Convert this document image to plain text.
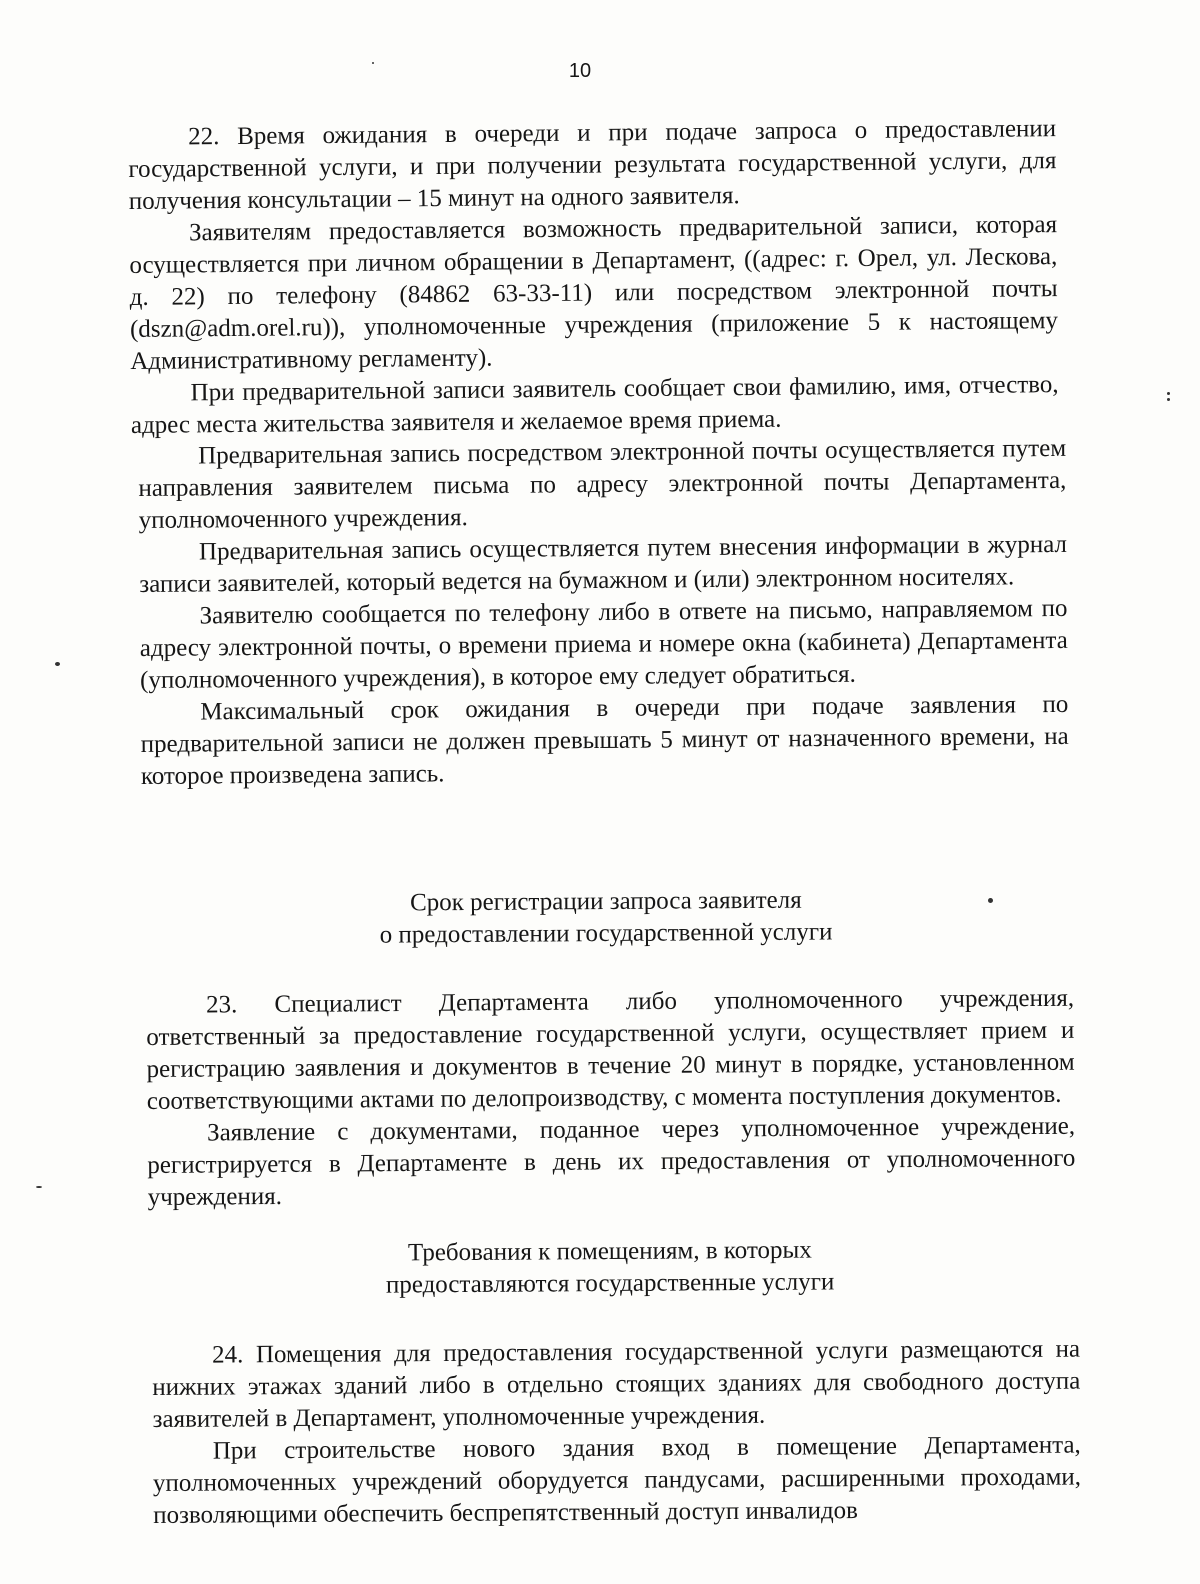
10

22. Время ожидания в очереди и при подаче запроса о предоставлении государственной услуги, и при получении результата государственной услуги, для получения консультации – 15 минут на одного заявителя.

Заявителям предоставляется возможность предварительной записи, которая осуществляется при личном обращении в Департамент, ((адрес: г. Орел, ул. Лескова, д. 22) по телефону (84862 63-33-11) или посредством электронной почты (dszn@adm.orel.ru)), уполномоченные учреждения (приложение 5 к настоящему Административному регламенту).

При предварительной записи заявитель сообщает свои фамилию, имя, отчество, адрес места жительства заявителя и желаемое время приема.

Предварительная запись посредством электронной почты осуществляется путем направления заявителем письма по адресу электронной почты Департамента, уполномоченного учреждения.

Предварительная запись осуществляется путем внесения информации в журнал записи заявителей, который ведется на бумажном и (или) электронном носителях.

Заявителю сообщается по телефону либо в ответе на письмо, направляемом по адресу электронной почты, о времени приема и номере окна (кабинета) Департамента (уполномоченного учреждения), в которое ему следует обратиться.

Максимальный срок ожидания в очереди при подаче заявления по предварительной записи не должен превышать 5 минут от назначенного времени, на которое произведена запись.

Срок регистрации запроса заявителя
о предоставлении государственной услуги

23. Специалист Департамента либо уполномоченного учреждения, ответственный за предоставление государственной услуги, осуществляет прием и регистрацию заявления и документов в течение 20 минут в порядке, установленном соответствующими актами по делопроизводству, с момента поступления документов.

Заявление с документами, поданное через уполномоченное учреждение, регистрируется в Департаменте в день их предоставления от уполномоченного учреждения.

Требования к помещениям, в которых
предоставляются государственные услуги

24. Помещения для предоставления государственной услуги размещаются на нижних этажах зданий либо в отдельно стоящих зданиях для свободного доступа заявителей в Департамент, уполномоченные учреждения.

При строительстве нового здания вход в помещение Департамента, уполномоченных учреждений оборудуется пандусами, расширенными проходами, позволяющими обеспечить беспрепятственный доступ инвалидов
